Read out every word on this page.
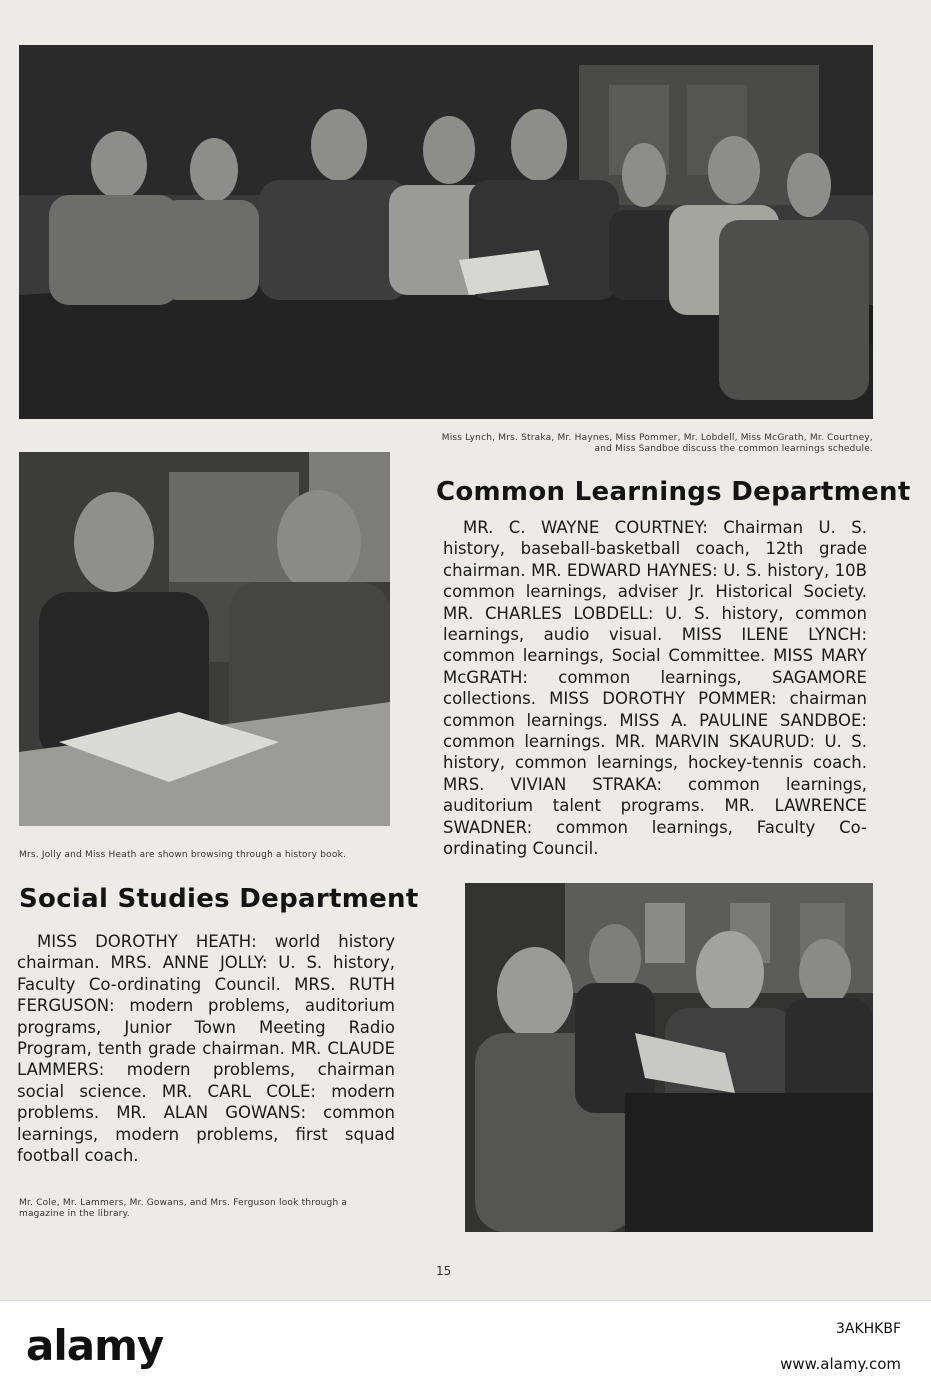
Miss Lynch, Mrs. Straka, Mr. Haynes, Miss Pommer, Mr. Lobdell, Miss McGrath, Mr. Courtney, and Miss Sandboe discuss the common learnings schedule.
Mrs. Jolly and Miss Heath are shown browsing through a history book.
Common Learnings Department
MR. C. WAYNE COURTNEY: Chairman U. S. history, baseball-basketball coach, 12th grade chairman. MR. EDWARD HAYNES: U. S. history, 10B common learnings, adviser Jr. Historical Society. MR. CHARLES LOBDELL: U. S. history, common learnings, audio visual. MISS ILENE LYNCH: common learnings, Social Committee. MISS MARY McGRATH: common learnings, SAGAMORE collections. MISS DOROTHY POMMER: chairman common learnings. MISS A. PAULINE SANDBOE: common learnings. MR. MARVIN SKAURUD: U. S. history, common learnings, hockey-tennis coach. MRS. VIVIAN STRAKA: common learnings, auditorium talent programs. MR. LAWRENCE SWADNER: common learnings, Faculty Co-ordinating Council.
Social Studies Department
MISS DOROTHY HEATH: world history chairman. MRS. ANNE JOLLY: U. S. history, Faculty Co-ordinating Council. MRS. RUTH FERGUSON: modern problems, auditorium programs, Junior Town Meeting Radio Program, tenth grade chairman. MR. CLAUDE LAMMERS: modern problems, chairman social science. MR. CARL COLE: modern problems. MR. ALAN GOWANS: common learnings, modern problems, first squad football coach.
Mr. Cole, Mr. Lammers, Mr. Gowans, and Mrs. Ferguson look through a magazine in the library.
15
alamy	3AKHKBF
www.alamy.com
